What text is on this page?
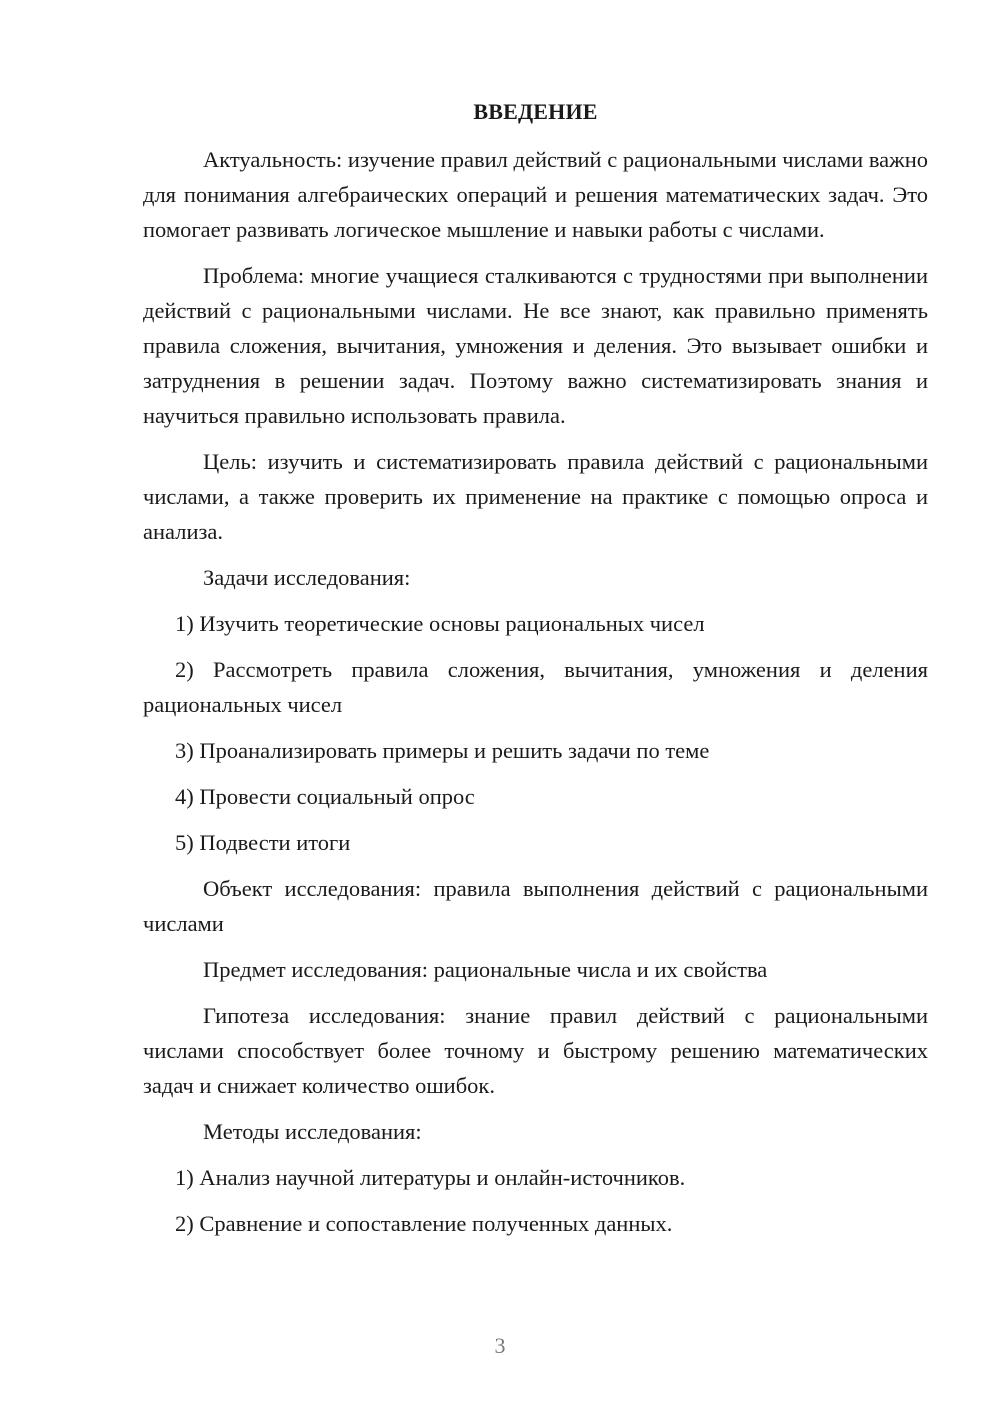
ВВЕДЕНИЕ

Актуальность: изучение правил действий с рациональными числами важно для понимания алгебраических операций и решения математических задач. Это помогает развивать логическое мышление и навыки работы с числами.

Проблема: многие учащиеся сталкиваются с трудностями при выполнении действий с рациональными числами. Не все знают, как правильно применять правила сложения, вычитания, умножения и деления. Это вызывает ошибки и затруднения в решении задач. Поэтому важно систематизировать знания и научиться правильно использовать правила.

Цель: изучить и систематизировать правила действий с рациональными числами, а также проверить их применение на практике с помощью опроса и анализа.

Задачи исследования:

1) Изучить теоретические основы рациональных чисел

2) Рассмотреть правила сложения, вычитания, умножения и деления рациональных чисел

3) Проанализировать примеры и решить задачи по теме

4) Провести социальный опрос

5) Подвести итоги

Объект исследования: правила выполнения действий с рациональными числами

Предмет исследования: рациональные числа и их свойства

Гипотеза исследования: знание правил действий с рациональными числами способствует более точному и быстрому решению математических задач и снижает количество ошибок.

Методы исследования:

1) Анализ научной литературы и онлайн-источников.

2) Сравнение и сопоставление полученных данных.

3
